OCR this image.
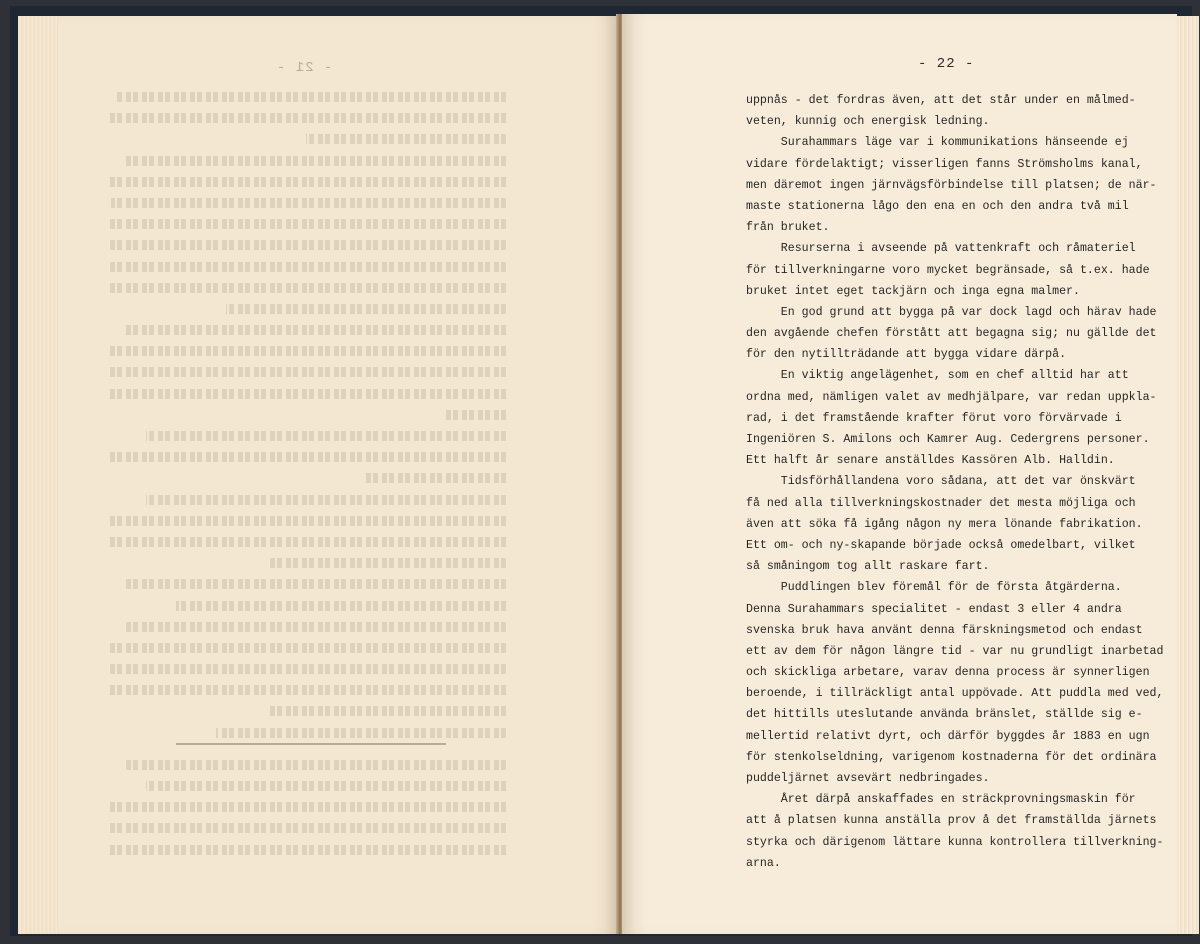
- 21 -	- 22 -
uppnås - det fordras även, att det står under en målmed-
veten, kunnig och energisk ledning.
Surahammars läge var i kommunikations hänseende ej
vidare fördelaktigt; visserligen fanns Strömsholms kanal,
men däremot ingen järnvägsförbindelse till platsen; de när-
maste stationerna lågo den ena en och den andra två mil
från bruket.
Resurserna i avseende på vattenkraft och råmateriel
för tillverkningarne voro mycket begränsade, så t.ex. hade
bruket intet eget tackjärn och inga egna malmer.
En god grund att bygga på var dock lagd och härav hade
den avgående chefen förstått att begagna sig; nu gällde det
för den nytillträdande att bygga vidare därpå.
En viktig angelägenhet, som en chef alltid har att
ordna med, nämligen valet av medhjälpare, var redan uppkla-
rad, i det framstående krafter förut voro förvärvade i
Ingeniören S. Amilons och Kamrer Aug. Cedergrens personer.
Ett halft år senare anställdes Kassören Alb. Halldin.
Tidsförhållandena voro sådana, att det var önskvärt
få ned alla tillverkningskostnader det mesta möjliga och
även att söka få igång någon ny mera lönande fabrikation.
Ett om- och ny-skapande började också omedelbart, vilket
så småningom tog allt raskare fart.
Puddlingen blev föremål för de första åtgärderna.
Denna Surahammars specialitet - endast 3 eller 4 andra
svenska bruk hava använt denna färskningsmetod och endast
ett av dem för någon längre tid - var nu grundligt inarbetad
och skickliga arbetare, varav denna process är synnerligen
beroende, i tillräckligt antal uppövade. Att puddla med ved,
det hittills uteslutande använda bränslet, ställde sig e-
mellertid relativt dyrt, och därför byggdes år 1883 en ugn
för stenkolseldning, varigenom kostnaderna för det ordinära
puddeljärnet avsevärt nedbringades.
Året därpå anskaffades en sträckprovningsmaskin för
att å platsen kunna anställa prov å det framställda järnets
styrka och därigenom lättare kunna kontrollera tillverkning-
arna.
